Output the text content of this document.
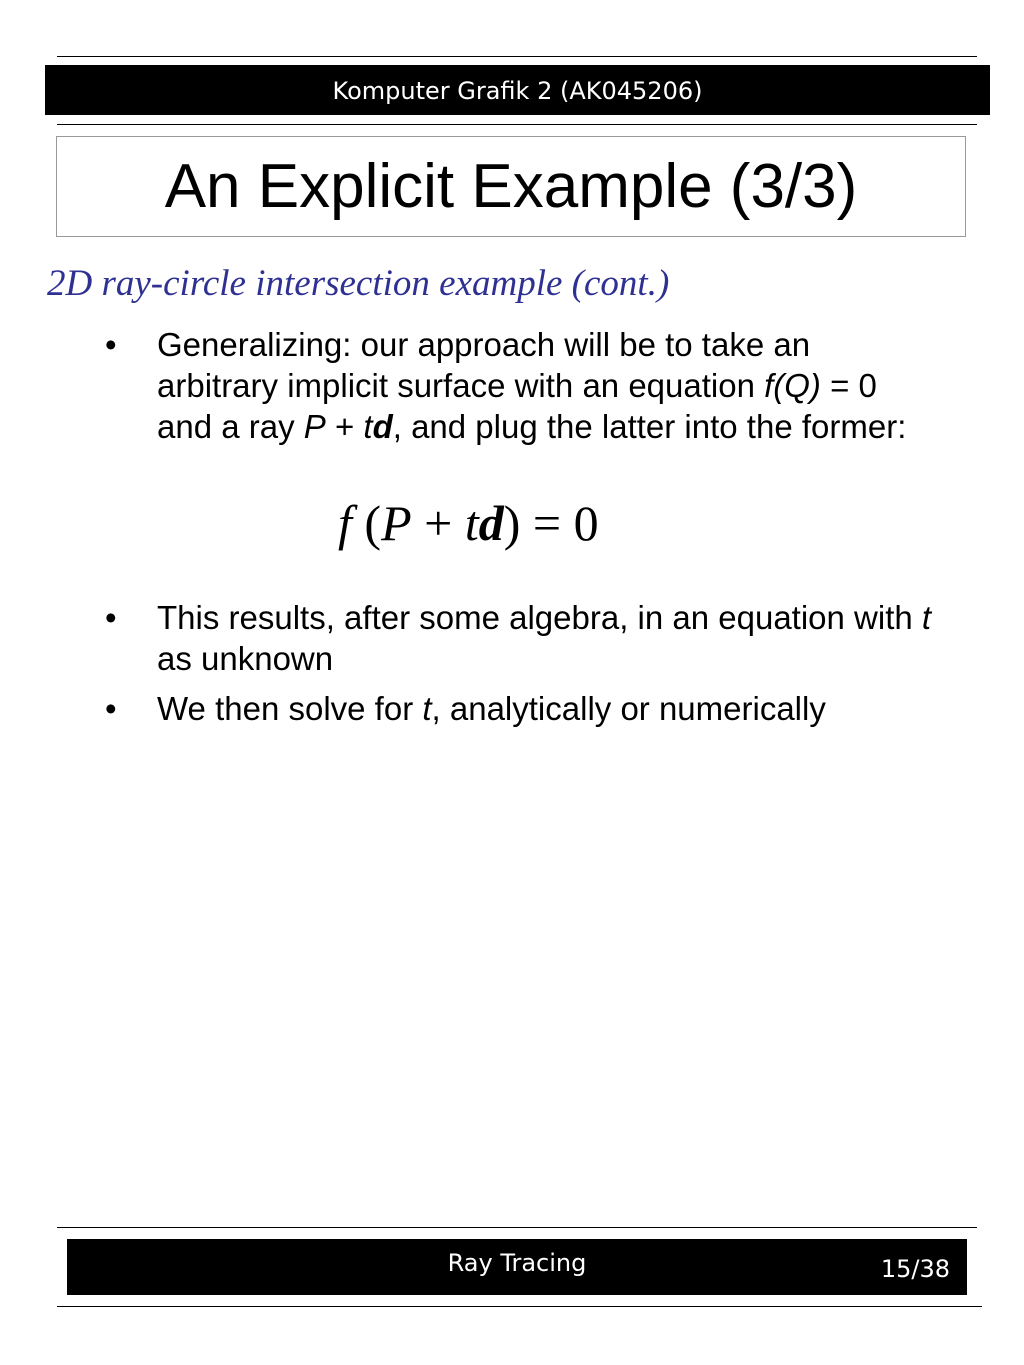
Komputer Grafik 2 (AK045206)
An Explicit Example (3/3)
2D ray-circle intersection example (cont.)
• Generalizing: our approach will be to take an arbitrary implicit surface with an equation f(Q) = 0 and a ray P + td, and plug the latter into the former:
f (P + td) = 0
• This results, after some algebra, in an equation with t as unknown
• We then solve for t, analytically or numerically
Ray Tracing	15/38
